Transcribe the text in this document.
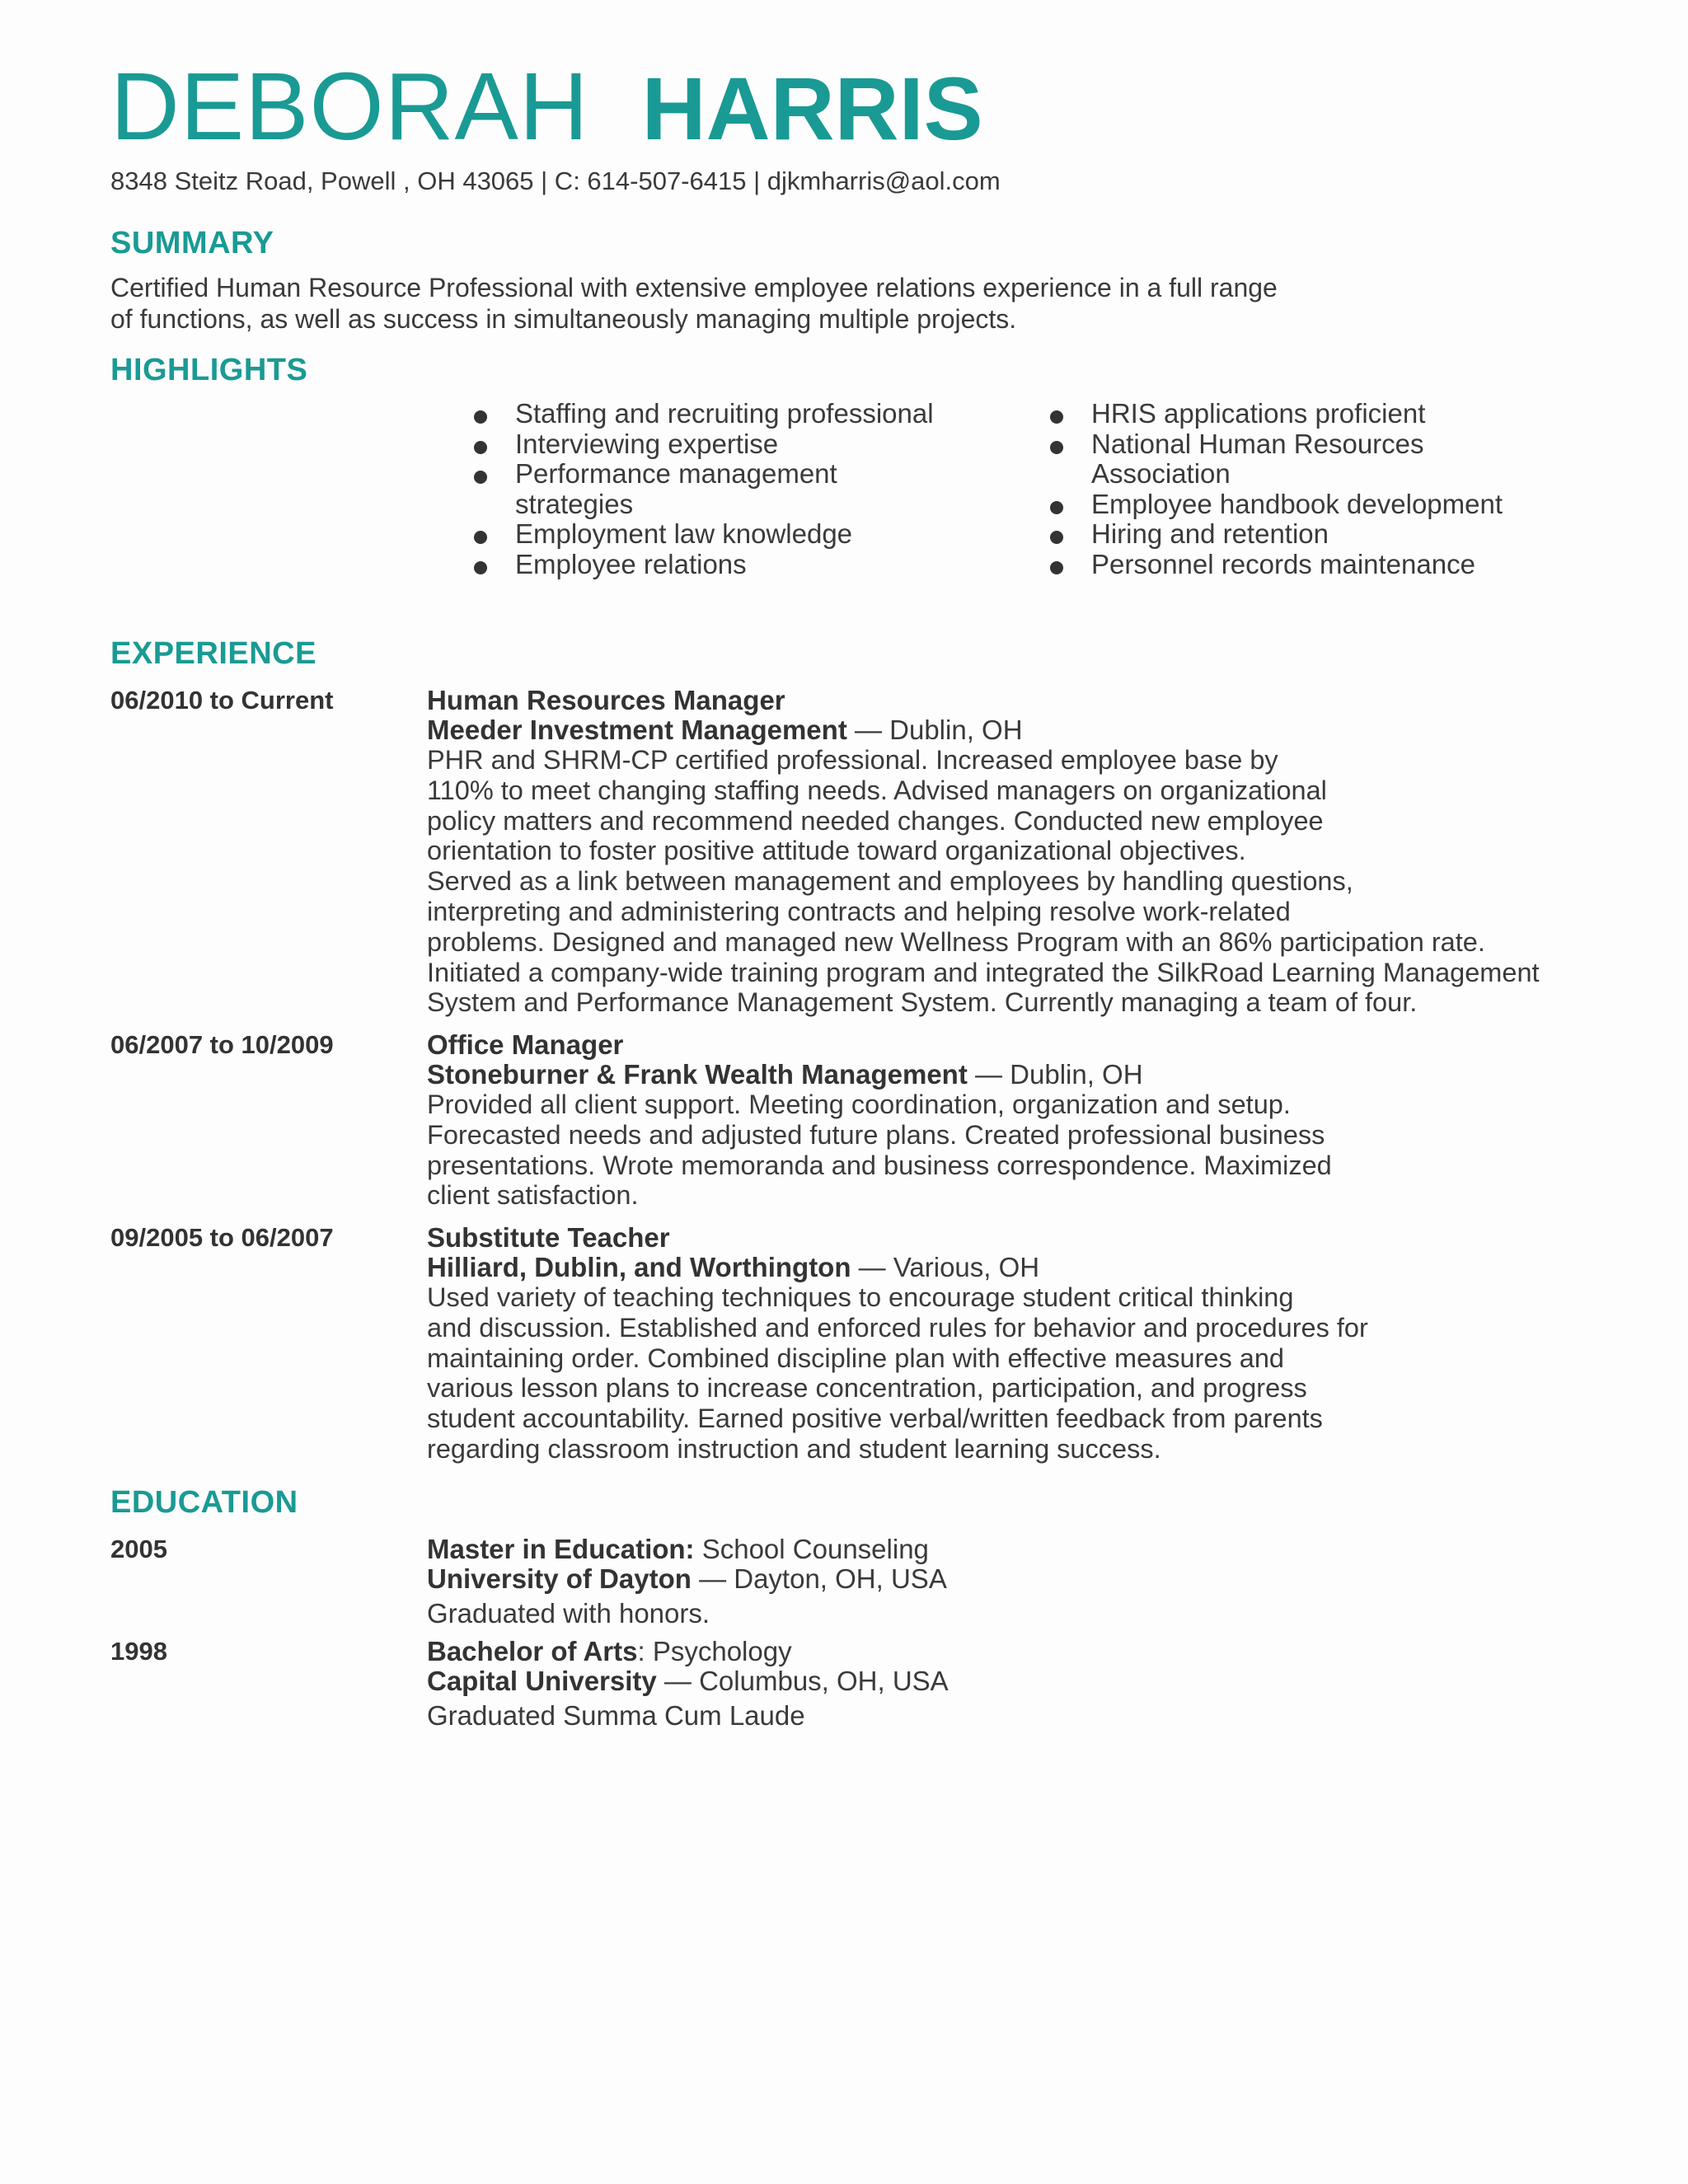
DEBORAH HARRIS
8348 Steitz Road, Powell , OH 43065 | C: 614-507-6415 | djkmharris@aol.com
SUMMARY
Certified Human Resource Professional with extensive employee relations experience in a full range
of functions, as well as success in simultaneously managing multiple projects.
HIGHLIGHTS
Staffing and recruiting professional
Interviewing expertise
Performance management strategies
Employment law knowledge
Employee relations
HRIS applications proficient
National Human Resources Association
Employee handbook development
Hiring and retention
Personnel records maintenance
EXPERIENCE
06/2010 to Current	Human Resources Manager
Meeder Investment Management — Dublin, OH
PHR and SHRM-CP certified professional. Increased employee base by
110% to meet changing staffing needs. Advised managers on organizational
policy matters and recommend needed changes. Conducted new employee
orientation to foster positive attitude toward organizational objectives.
Served as a link between management and employees by handling questions,
interpreting and administering contracts and helping resolve work-related
problems. Designed and managed new Wellness Program with an 86% participation rate.
Initiated a company-wide training program and integrated the SilkRoad Learning Management
System and Performance Management System. Currently managing a team of four.
06/2007 to 10/2009	Office Manager
Stoneburner & Frank Wealth Management — Dublin, OH
Provided all client support. Meeting coordination, organization and setup.
Forecasted needs and adjusted future plans. Created professional business
presentations. Wrote memoranda and business correspondence. Maximized
client satisfaction.
09/2005 to 06/2007	Substitute Teacher
Hilliard, Dublin, and Worthington — Various, OH
Used variety of teaching techniques to encourage student critical thinking
and discussion. Established and enforced rules for behavior and procedures for
maintaining order. Combined discipline plan with effective measures and
various lesson plans to increase concentration, participation, and progress
student accountability. Earned positive verbal/written feedback from parents
regarding classroom instruction and student learning success.
EDUCATION
2005	Master in Education: School Counseling
University of Dayton — Dayton, OH, USA
Graduated with honors.
1998	Bachelor of Arts: Psychology
Capital University — Columbus, OH, USA
Graduated Summa Cum Laude
